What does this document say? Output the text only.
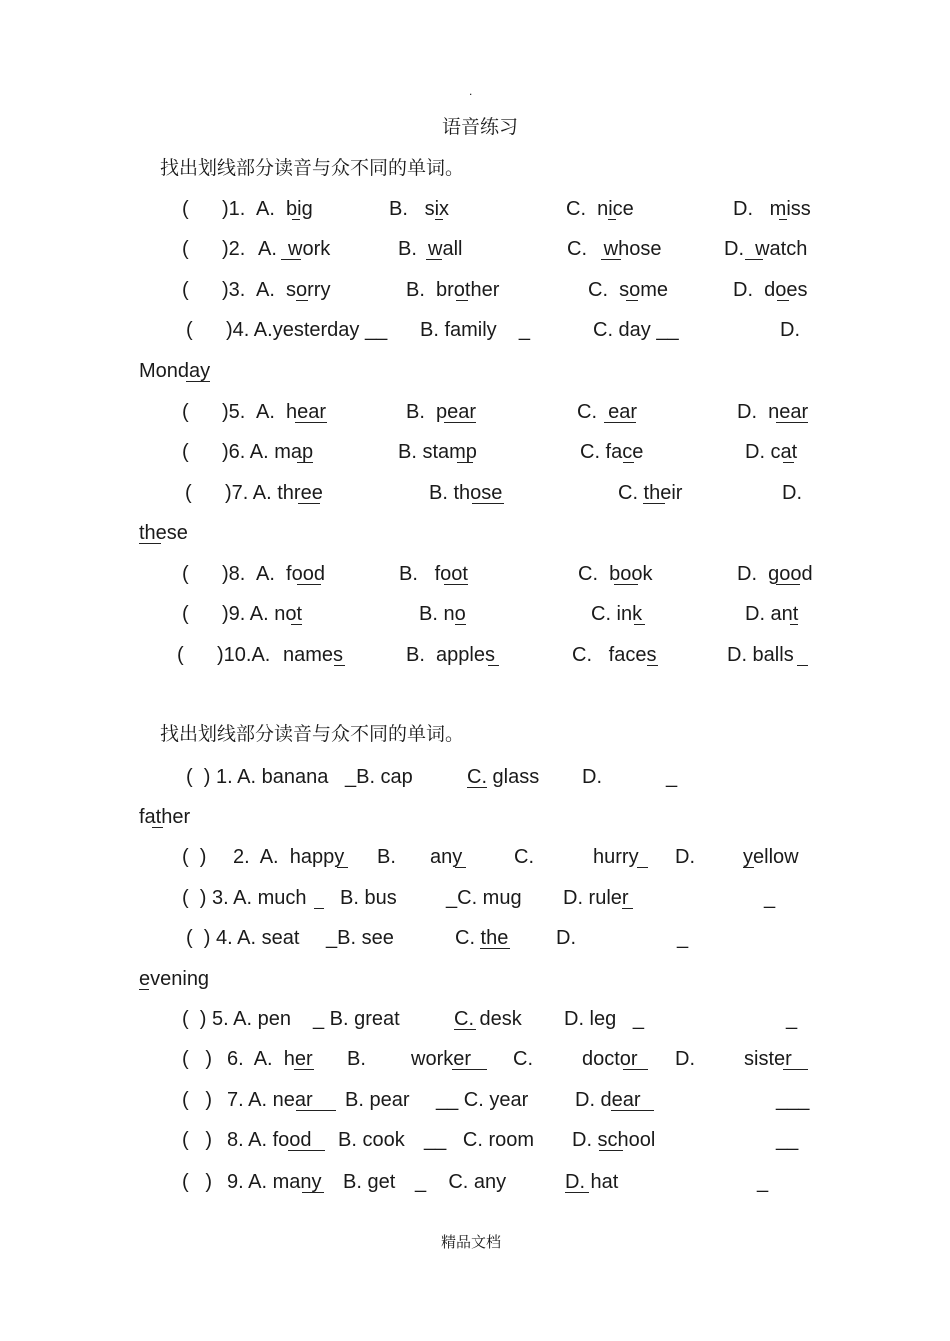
.
语音练习
找出划线部分读音与众不同的单词。
(      )1. A.  big	B.   six	C.  nice	D.   miss
(      )2. A.  work	B.  wall	C.   whose	D.  watch
(      )3. A.  sorry	B.  brother	C.  some	D.  does
(      )4. A.yesterday __ B. family    _	C. day __	D.
Monday
(      )5. A.  hear	B.  pear	C.  ear	D.  near
(      )6. A. map	B. stamp	C. face	D. cat
(      )7. A. three	B. those	C. their	D.
these
(      )8. A.  food	B.   foot	C.  book	D.  good
(      )9. A. not	B. no	C. ink	D. ant
(      )10.A. names	B.  apples	C.   faces	D. balls
找出划线部分读音与众不同的单词。
(  ) 1. A. banana   _B. cap	C. glass D.	_
father
(  ) 2.  A.  happy B. any	C.	hurry D. yellow
(  ) 3. A. much B. bus _C. mug D. ruler	_
(  ) 4. A. seat _B. see	C. the D.	_
evening
(  ) 5. A. pen _ B. great	C. desk D. leg   _	_
(   ) 6.  A.  her B. worker C. doctor D. sister
(   ) 7. A. near B. pear __ C. year D. dear	___
(   ) 8. A. food B. cook __   C. room D. school	__
(   ) 9. A. many B. get _    C. any	D. hat	_
精品文档
